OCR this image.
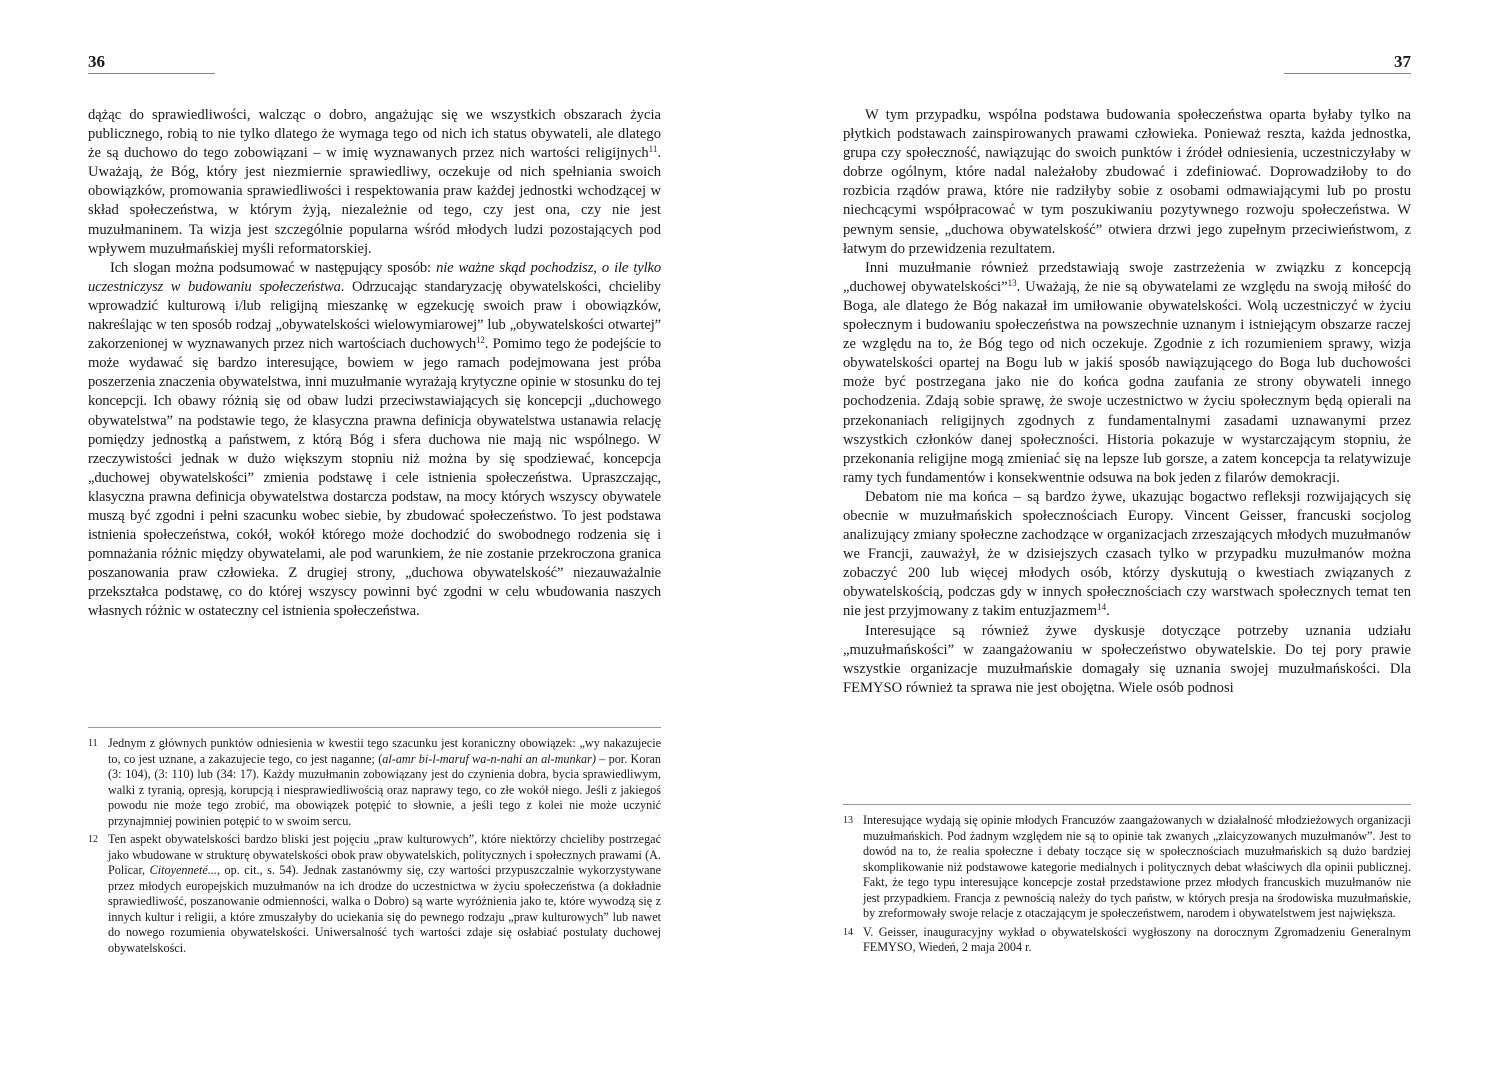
36

dążąc do sprawiedliwości, walcząc o dobro, angażując się we wszystkich obszarach życia publicznego, robią to nie tylko dlatego że wymaga tego od nich ich status obywateli, ale dlatego że są duchowo do tego zobowiązani – w imię wyznawanych przez nich wartości religijnych$^{11}$. Uważają, że Bóg, który jest niezmiernie sprawiedliwy, oczekuje od nich spełniania swoich obowiązków, promowania sprawiedliwości i respektowania praw każdej jednostki wchodzącej w skład społeczeństwa, w którym żyją, niezależnie od tego, czy jest ona, czy nie jest muzułmaninem. Ta wizja jest szczególnie popularna wśród młodych ludzi pozostających pod wpływem muzułmańskiej myśli reformatorskiej.

Ich slogan można podsumować w następujący sposób: nie ważne skąd pochodzisz, o ile tylko uczestniczysz w budowaniu społeczeństwa. Odrzucając standaryzację obywatelskości, chcieliby wprowadzić kulturową i/lub religijną mieszankę w egzekucję swoich praw i obowiązków, nakreślając w ten sposób rodzaj „obywatelskości wielowymiarowej” lub „obywatelskości otwartej” zakorzenionej w wyznawanych przez nich wartościach duchowych$^{12}$. Pomimo tego że podejście to może wydawać się bardzo interesujące, bowiem w jego ramach podejmowana jest próba poszerzenia znaczenia obywatelstwa, inni muzułmanie wyrażają krytyczne opinie w stosunku do tej koncepcji. Ich obawy różnią się od obaw ludzi przeciwstawiających się koncepcji „duchowego obywatelstwa” na podstawie tego, że klasyczna prawna definicja obywatelstwa ustanawia relację pomiędzy jednostką a państwem, z którą Bóg i sfera duchowa nie mają nic wspólnego. W rzeczywistości jednak w dużo większym stopniu niż można by się spodziewać, koncepcja „duchowej obywatelskości” zmienia podstawę i cele istnienia społeczeństwa. Upraszczając, klasyczna prawna definicja obywatelstwa dostarcza podstaw, na mocy których wszyscy obywatele muszą być zgodni i pełni szacunku wobec siebie, by zbudować społeczeństwo. To jest podstawa istnienia społeczeństwa, cokół, wokół którego może dochodzić do swobodnego rodzenia się i pomnażania różnic między obywatelami, ale pod warunkiem, że nie zostanie przekroczona granica poszanowania praw człowieka. Z drugiej strony, „duchowa obywatelskość” niezauważalnie przekształca podstawę, co do której wszyscy powinni być zgodni w celu wbudowania naszych własnych różnic w ostateczny cel istnienia społeczeństwa.

11 Jednym z głównych punktów odniesienia w kwestii tego szacunku jest koraniczny obowiązek: „wy nakazujecie to, co jest uznane, a zakazujecie tego, co jest naganne; (al-amr bi-l-maruf wa-n-nahi an al-munkar) – por. Koran (3: 104), (3: 110) lub (34: 17). Każdy muzułmanin zobowiązany jest do czynienia dobra, bycia sprawiedliwym, walki z tyranią, opresją, korupcją i niesprawiedliwością oraz naprawy tego, co złe wokół niego. Jeśli z jakiegoś powodu nie może tego zrobić, ma obowiązek potępić to słownie, a jeśli tego z kolei nie może uczynić przynajmniej powinien potępić to w swoim sercu.
12 Ten aspekt obywatelskości bardzo bliski jest pojęciu „praw kulturowych”, które niektórzy chcieliby postrzegać jako wbudowane w strukturę obywatelskości obok praw obywatelskich, politycznych i społecznych prawami (A. Policar, Citoyenneté..., op. cit., s. 54). Jednak zastanówmy się, czy wartości przypuszczalnie wykorzystywane przez młodych europejskich muzułmanów na ich drodze do uczestnictwa w życiu społeczeństwa (a dokładnie sprawiedliwość, poszanowanie odmienności, walka o Dobro) są warte wyróżnienia jako te, które wywodzą się z innych kultur i religii, a które zmuszałyby do uciekania się do pewnego rodzaju „praw kulturowych” lub nawet do nowego rozumienia obywatelskości. Uniwersalność tych wartości zdaje się osłabiać postulaty duchowej obywatelskości.
37

W tym przypadku, wspólna podstawa budowania społeczeństwa oparta byłaby tylko na płytkich podstawach zainspirowanych prawami człowieka. Ponieważ reszta, każda jednostka, grupa czy społeczność, nawiązując do swoich punktów i źródeł odniesienia, uczestniczyłaby w dobrze ogólnym, które nadal należałoby zbudować i zdefiniować. Doprowadziłoby to do rozbicia rządów prawa, które nie radziłyby sobie z osobami odmawiającymi lub po prostu niechcącymi współpracować w tym poszukiwaniu pozytywnego rozwoju społeczeństwa. W pewnym sensie, „duchowa obywatelskość” otwiera drzwi jego zupełnym przeciwieństwom, z łatwym do przewidzenia rezultatem.

Inni muzułmanie również przedstawiają swoje zastrzeżenia w związku z koncepcją „duchowej obywatelskości”$^{13}$. Uważają, że nie są obywatelami ze względu na swoją miłość do Boga, ale dlatego że Bóg nakazał im umiłowanie obywatelskości. Wolą uczestniczyć w życiu społecznym i budowaniu społeczeństwa na powszechnie uznanym i istniejącym obszarze raczej ze względu na to, że Bóg tego od nich oczekuje. Zgodnie z ich rozumieniem sprawy, wizja obywatelskości opartej na Bogu lub w jakiś sposób nawiązującego do Boga lub duchowości może być postrzegana jako nie do końca godna zaufania ze strony obywateli innego pochodzenia. Zdają sobie sprawę, że swoje uczestnictwo w życiu społecznym będą opierali na przekonaniach religijnych zgodnych z fundamentalnymi zasadami uznawanymi przez wszystkich członków danej społeczności. Historia pokazuje w wystarczającym stopniu, że przekonania religijne mogą zmieniać się na lepsze lub gorsze, a zatem koncepcja ta relatywizuje ramy tych fundamentów i konsekwentnie odsuwa na bok jeden z filarów demokracji.

Debatom nie ma końca – są bardzo żywe, ukazując bogactwo refleksji rozwijających się obecnie w muzułmańskich społecznościach Europy. Vincent Geisser, francuski socjolog analizujący zmiany społeczne zachodzące w organizacjach zrzeszających młodych muzułmanów we Francji, zauważył, że w dzisiejszych czasach tylko w przypadku muzułmanów można zobaczyć 200 lub więcej młodych osób, którzy dyskutują o kwestiach związanych z obywatelskością, podczas gdy w innych społecznościach czy warstwach społecznych temat ten nie jest przyjmowany z takim entuzjazmem$^{14}$.

Interesujące są również żywe dyskusje dotyczące potrzeby uznania udziału „muzułmańskości” w zaangażowaniu w społeczeństwo obywatelskie. Do tej pory prawie wszystkie organizacje muzułmańskie domagały się uznania swojej muzułmańskości. Dla FEMYSO również ta sprawa nie jest obojętna. Wiele osób podnosi

13 Interesujące wydają się opinie młodych Francuzów zaangażowanych w działalność młodzieżowych organizacji muzułmańskich. Pod żadnym względem nie są to opinie tak zwanych „zlaicyzowanych muzułmanów”. Jest to dowód na to, że realia społeczne i debaty toczące się w społecznościach muzułmańskich są dużo bardziej skomplikowanie niż podstawowe kategorie medialnych i politycznych debat właściwych dla opinii publicznej. Fakt, że tego typu interesujące koncepcje został przedstawione przez młodych francuskich muzułmanów nie jest przypadkiem. Francja z pewnością należy do tych państw, w których presja na środowiska muzułmańskie, by zreformowały swoje relacje z otaczającym je społeczeństwem, narodem i obywatelstwem jest największa.
14 V. Geisser, inauguracyjny wykład o obywatelskości wygłoszony na dorocznym Zgromadzeniu Generalnym FEMYSO, Wiedeń, 2 maja 2004 r.
